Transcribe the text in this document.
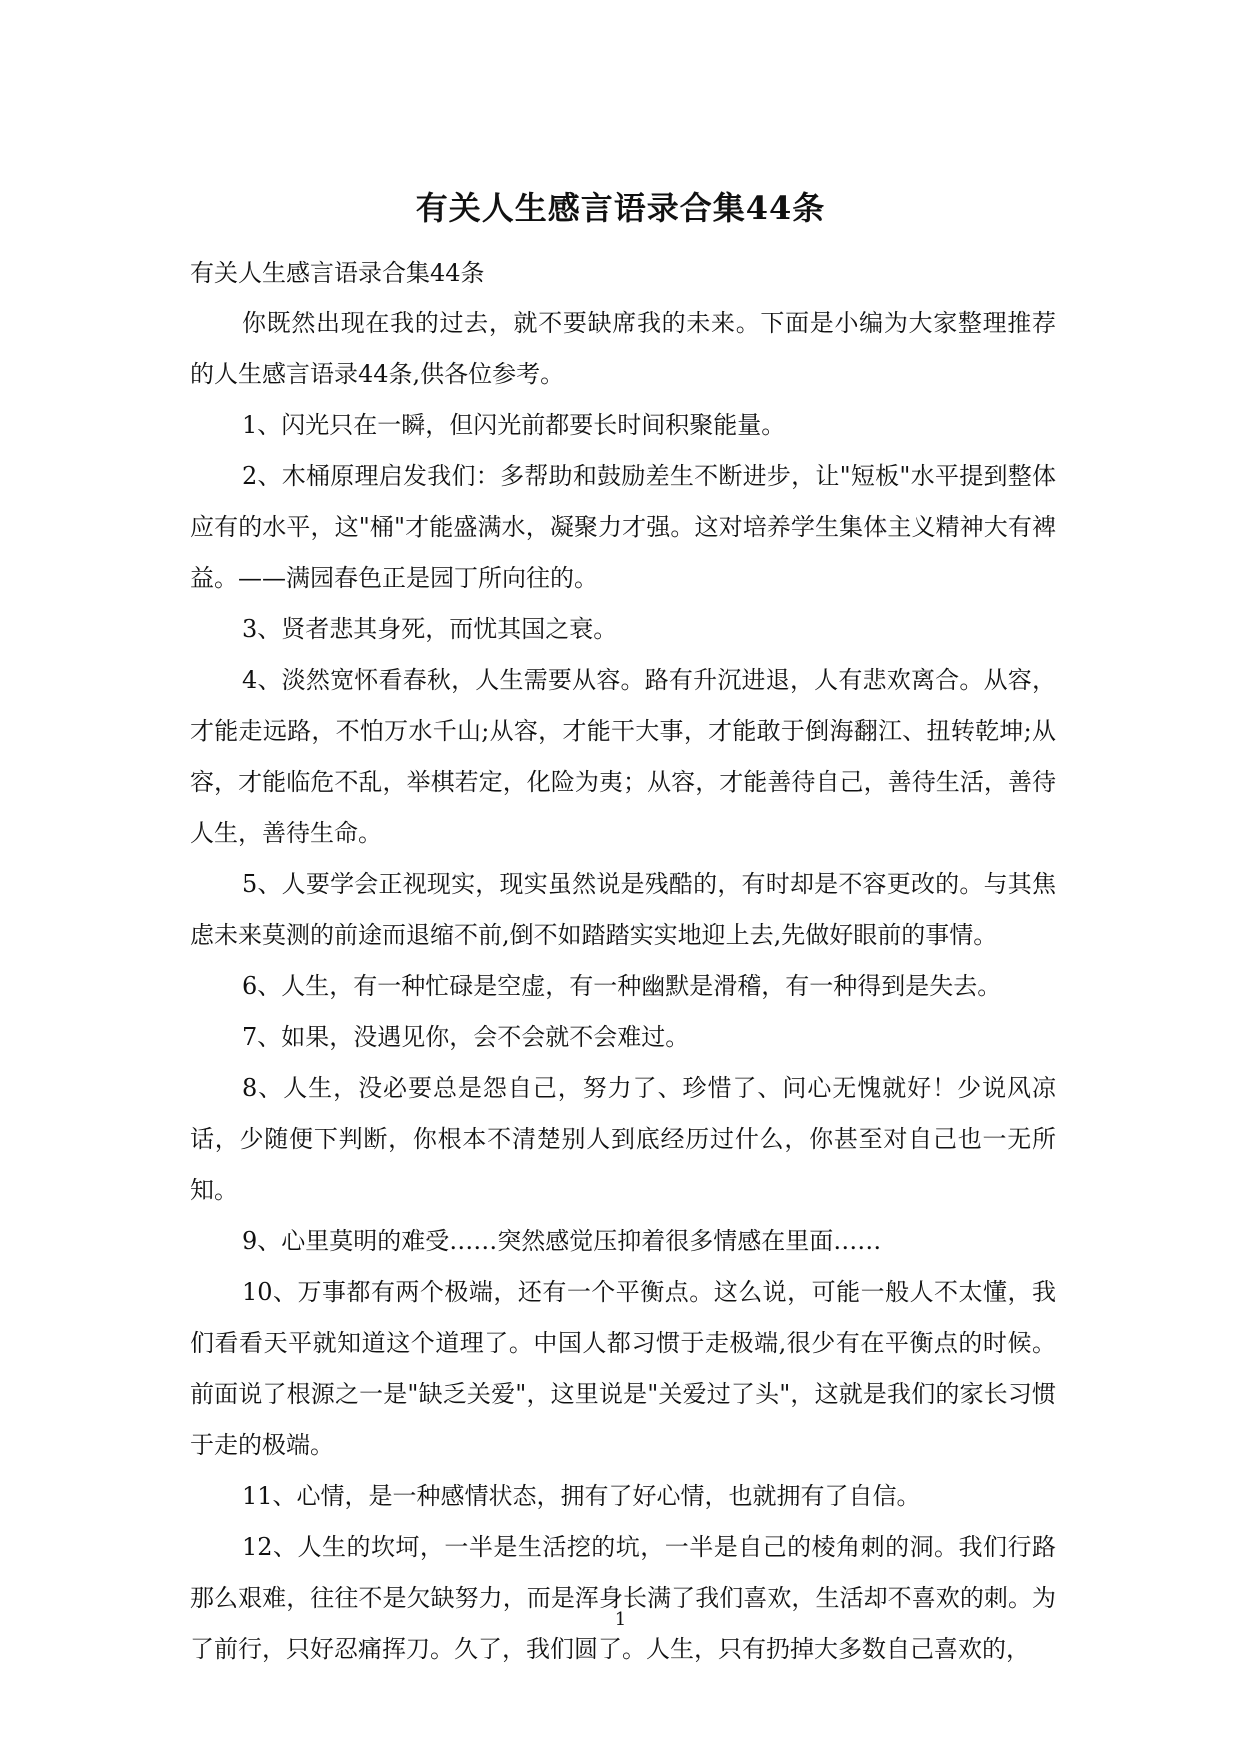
有关人生感言语录合集44条

有关人生感言语录合集44条

你既然出现在我的过去，就不要缺席我的未来。下面是小编为大家整理推荐的人生感言语录44条,供各位参考。

1、闪光只在一瞬，但闪光前都要长时间积聚能量。

2、木桶原理启发我们：多帮助和鼓励差生不断进步，让"短板"水平提到整体应有的水平，这"桶"才能盛满水，凝聚力才强。这对培养学生集体主义精神大有裨益。——满园春色正是园丁所向往的。

3、贤者悲其身死，而忧其国之衰。

4、淡然宽怀看春秋，人生需要从容。路有升沉进退，人有悲欢离合。从容，才能走远路，不怕万水千山;从容，才能干大事，才能敢于倒海翻江、扭转乾坤;从容，才能临危不乱，举棋若定，化险为夷；从容，才能善待自己，善待生活，善待人生，善待生命。

5、人要学会正视现实，现实虽然说是残酷的，有时却是不容更改的。与其焦虑未来莫测的前途而退缩不前,倒不如踏踏实实地迎上去,先做好眼前的事情。

6、人生，有一种忙碌是空虚，有一种幽默是滑稽，有一种得到是失去。

7、如果，没遇见你，会不会就不会难过。

8、人生，没必要总是怨自己，努力了、珍惜了、问心无愧就好！少说风凉话，少随便下判断，你根本不清楚别人到底经历过什么，你甚至对自己也一无所知。

9、心里莫明的难受……突然感觉压抑着很多情感在里面……

10、万事都有两个极端，还有一个平衡点。这么说，可能一般人不太懂，我们看看天平就知道这个道理了。中国人都习惯于走极端,很少有在平衡点的时候。前面说了根源之一是"缺乏关爱"，这里说是"关爱过了头"，这就是我们的家长习惯于走的极端。

11、心情，是一种感情状态，拥有了好心情，也就拥有了自信。

12、人生的坎坷，一半是生活挖的坑，一半是自己的棱角刺的洞。我们行路那么艰难，往往不是欠缺努力，而是浑身长满了我们喜欢，生活却不喜欢的刺。为了前行，只好忍痛挥刀。久了，我们圆了。人生，只有扔掉大多数自己喜欢的，

1
